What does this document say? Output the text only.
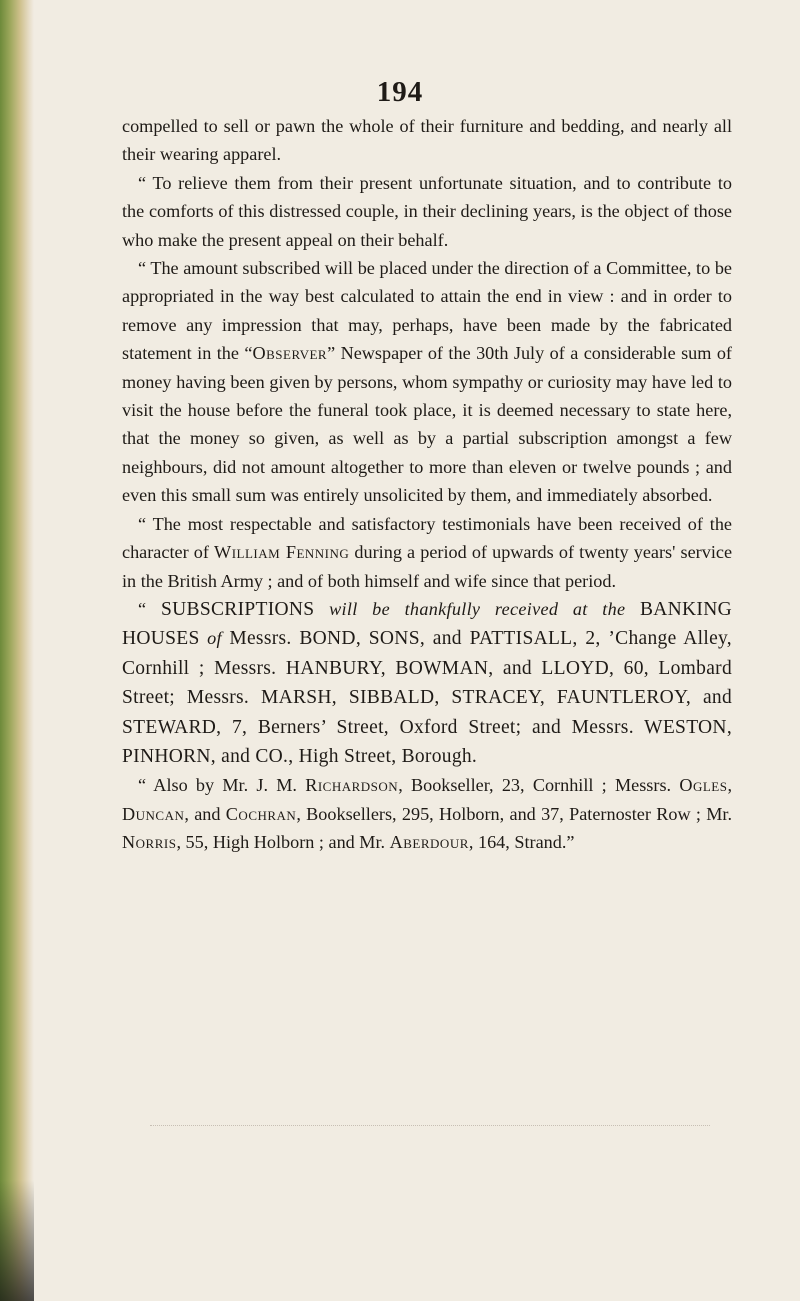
194

compelled to sell or pawn the whole of their furniture and bedding, and nearly all their wearing apparel.

“ To relieve them from their present unfortunate situation, and to contribute to the comforts of this distressed couple, in their declining years, is the object of those who make the present appeal on their behalf.

“ The amount subscribed will be placed under the direction of a Committee, to be appropriated in the way best calculated to attain the end in view : and in order to remove any impression that may, perhaps, have been made by the fabricated statement in the “Observer” Newspaper of the 30th July of a considerable sum of money having been given by persons, whom sympathy or curiosity may have led to visit the house before the funeral took place, it is deemed necessary to state here, that the money so given, as well as by a partial subscription amongst a few neighbours, did not amount altogether to more than eleven or twelve pounds ; and even this small sum was entirely unsolicited by them, and immediately absorbed.

“ The most respectable and satisfactory testimonials have been received of the character of William Fenning during a period of upwards of twenty years' service in the British Army ; and of both himself and wife since that period.

“ SUBSCRIPTIONS will be thankfully received at the BANKING HOUSES of Messrs. BOND, SONS, and PATTISALL, 2, ’Change Alley, Cornhill ; Messrs. HANBURY, BOWMAN, and LLOYD, 60, Lombard Street; Messrs. MARSH, SIBBALD, STRACEY, FAUNTLEROY, and STEWARD, 7, Berners’ Street, Oxford Street; and Messrs. WESTON, PINHORN, and CO., High Street, Borough.

“ Also by Mr. J. M. Richardson, Bookseller, 23, Cornhill ; Messrs. Ogles, Duncan, and Cochran, Booksellers, 295, Holborn, and 37, Paternoster Row ; Mr. Norris, 55, High Holborn ; and Mr. Aberdour, 164, Strand.”
